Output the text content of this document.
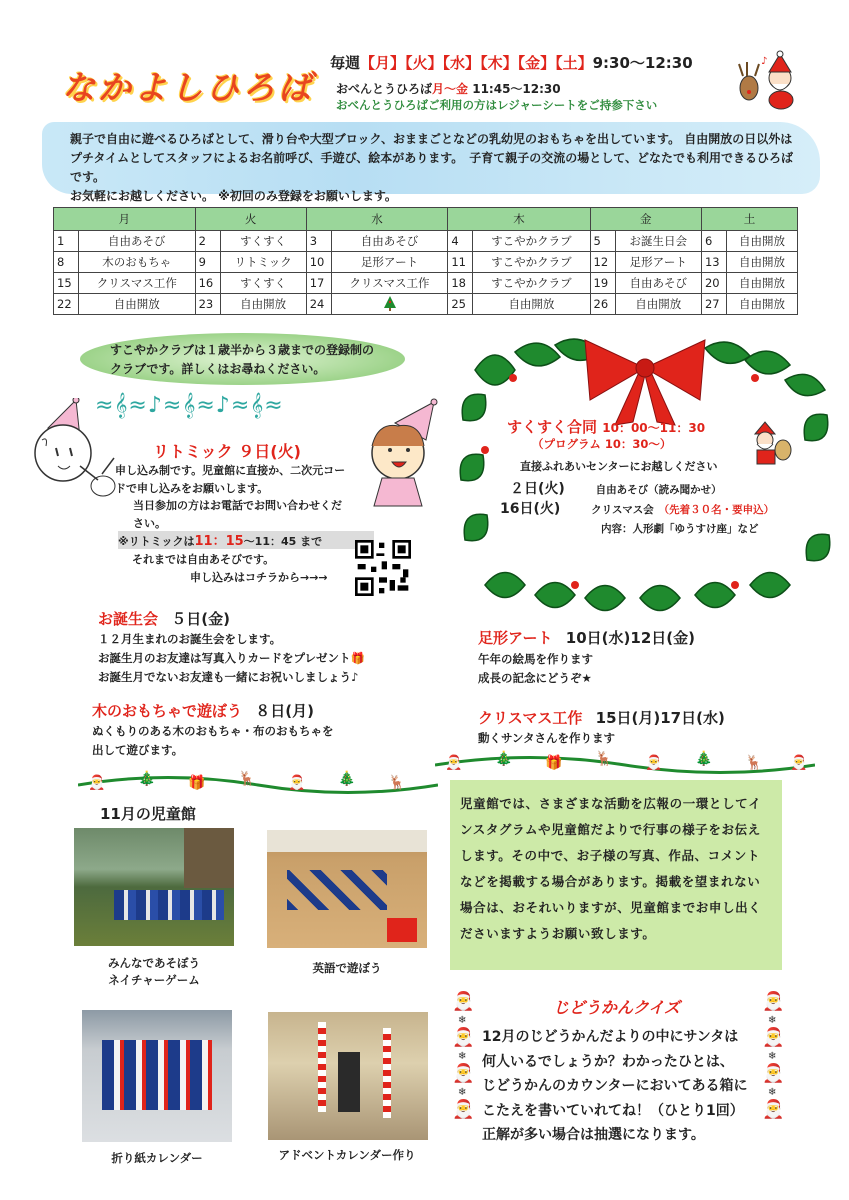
なかよしひろば
毎週【月】【火】【水】【木】【金】【土】9:30～12:30
おべんとうひろば月～金 11:45～12:30
おべんとうひろばご利用の方はレジャーシートをご持参下さい
♪
親子で自由に遊べるひろばとして、滑り台や大型ブロック、おままごとなどの乳幼児のおもちゃを出しています。 自由開放の日以外は
プチタイムとしてスタッフによるお名前呼び、手遊び、絵本があります。　子育て親子の交流の場として、どなたでも利用できるひろばです。
お気軽にお越しください。 ※初回のみ登録をお願いします。
月		火		水		木		金		土	
1	自由あそび	2	すくすく	3	自由あそび	4	すこやかクラブ	5	お誕生日会	6	自由開放
8	木のおもちゃ	9	リトミック	10	足形アート	11	すこやかクラブ	12	足形アート	13	自由開放
15	クリスマス工作	16	すくすく	17	クリスマス工作	18	すこやかクラブ	19	自由あそび	20	自由開放
22	自由開放	23	自由開放	24		25	自由開放	26	自由開放	27	自由開放
すこやかクラブは１歳半から３歳までの登録制の
クラブです。詳しくはお尋ねください。
≈𝄞≈♪≈𝄞≈♪≈𝄞≈
リトミック ９日(火)
申し込み制です。児童館に直接か、二次元コー
ドで申し込みをお願いします。
当日参加の方はお電話でお問い合わせくだ
さい。
※リトミックは11：15～11：45 まで
それまでは自由あそびです。
申し込みはコチラから→→→
すくすく合同 10：00～11：30
（プログラム 10：30～）
直接ふれあいセンターにお越しください
２日(火)	自由あそび（読み聞かせ）
16日(火)	クリスマス会 （先着３０名・要申込）
内容：人形劇「ゆうすけ座」など
お誕生会 ５日(金)
１２月生まれのお誕生会をします。
お誕生月のお友達は写真入りカードをプレゼント🎁
お誕生月でないお友達も一緒にお祝いしましょう♪
木のおもちゃで遊ぼう ８日(月)
ぬくもりのある木のおもちゃ・布のおもちゃを
出して遊びます。
足形アート 10日(水)12日(金)
午年の絵馬を作ります
成長の記念にどうぞ★
クリスマス工作 15日(月)17日(水)
動くサンタさんを作ります
🎅 🎄 🎁 🦌 🎅 🎄 🦌
🎅 🎄 🎁 🦌 🎅 🎄 🦌 🎅
11月の児童館
みんなであそぼう
ネイチャーゲーム
英語で遊ぼう
折り紙カレンダー	アドベントカレンダー作り
児童館では、さまざまな活動を広報の一環としてインスタグラムや児童館だよりで行事の様子をお伝えします。その中で、お子様の写真、作品、コメントなどを掲載する場合があります。掲載を望まれない場合は、おそれいりますが、児童館までお申し出くださいますようお願い致します。
🎅
🎅
🎅
🎅
❄
❄
❄
🎅
🎅
🎅
🎅
❄
❄
❄
じどうかんクイズ
12月のじどうかんだよりの中にサンタは
何人いるでしょうか？わかったひとは、
じどうかんのカウンターにおいてある箱に
こたえを書いていれてね！（ひとり1回）
正解が多い場合は抽選になります。
